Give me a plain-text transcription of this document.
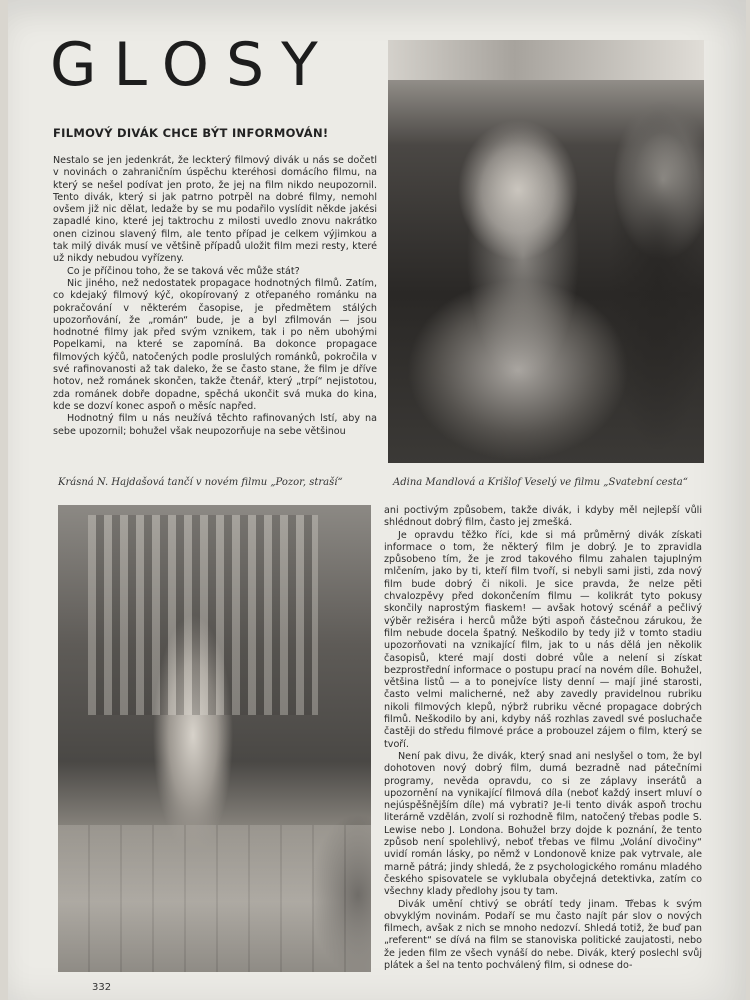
GLOSY
FILMOVÝ DIVÁK CHCE BÝT INFORMOVÁN!

Nestalo se jen jedenkrát, že leckterý filmový divák u nás se dočetl v novinách o zahraničním úspěchu kteréhosi domácího filmu, na který se nešel podívat jen proto, že jej na film nikdo neupozornil. Tento divák, který si jak patrno potrpěl na dobré filmy, nemohl ovšem již nic dělat, ledaže by se mu podařilo vyslídit někde jakési zapadlé kino, které jej taktrochu z milosti uvedlo znovu nakrátko onen cizinou slavený film, ale tento případ je celkem výjimkou a tak milý divák musí ve většině případů uložit film mezi resty, které už nikdy nebudou vyřízeny.

Co je příčinou toho, že se taková věc může stát?

Nic jiného, než nedostatek propagace hodnotných filmů. Zatím, co kdejaký filmový kýč, okopírovaný z otřepaného románku na pokračování v některém časopise, je předmětem stálých upozorňování, že „román“ bude, je a byl zfilmován — jsou hodnotné filmy jak před svým vznikem, tak i po něm ubohými Popelkami, na které se zapomíná. Ba dokonce propagace filmových kýčů, natočených podle proslulých románků, pokročila v své rafinovanosti až tak daleko, že se často stane, že film je dříve hotov, než románek skončen, takže čtenář, který „trpí“ nejistotou, zda románek dobře dopadne, spěchá ukončit svá muka do kina, kde se dozví konec aspoň o měsíc napřed.

Hodnotný film u nás neužívá těchto rafinovaných lstí, aby na sebe upozornil; bohužel však neupozorňuje na sebe většinou

Krásná N. Hajdašová tančí v novém filmu „Pozor, straší“	Adina Mandlová a Krišlof Veselý ve filmu „Svatební cesta“

ani poctivým způsobem, takže divák, i kdyby měl nejlepší vůli shlédnout dobrý film, často jej zmešká.

Je opravdu těžko říci, kde si má průměrný divák získati informace o tom, že některý film je dobrý. Je to zpravidla způsobeno tím, že je zrod takového filmu zahalen tajuplným mlčením, jako by ti, kteří film tvoří, si nebyli sami jisti, zda nový film bude dobrý či nikoli. Je sice pravda, že nelze pěti chvalozpěvy před dokončením filmu — kolikrát tyto pokusy skončily naprostým fiaskem! — avšak hotový scénář a pečlivý výběr režiséra i herců může býti aspoň částečnou zárukou, že film nebude docela špatný. Neškodilo by tedy již v tomto stadiu upozorňovati na vznikající film, jak to u nás dělá jen několik časopisů, které mají dosti dobré vůle a nelení si získat bezprostřední informace o postupu prací na novém díle. Bohužel, většina listů — a to ponejvíce listy denní — mají jiné starosti, často velmi malicherné, než aby zavedly pravidelnou rubriku nikoli filmových klepů, nýbrž rubriku věcné propagace dobrých filmů. Neškodilo by ani, kdyby náš rozhlas zavedl své posluchače častěji do středu filmové práce a probouzel zájem o film, který se tvoří.

Není pak divu, že divák, který snad ani neslyšel o tom, že byl dohotoven nový dobrý film, dumá bezradně nad pátečními programy, nevěda opravdu, co si ze záplavy inserátů a upozornění na vynikající filmová díla (neboť každý insert mluví o nejúspěšnějším díle) má vybrati? Je-li tento divák aspoň trochu literárně vzdělán, zvolí si rozhodně film, natočený třebas podle S. Lewise nebo J. Londona. Bohužel brzy dojde k poznání, že tento způsob není spolehlivý, neboť třebas ve filmu „Volání divočiny“ uvidí román lásky, po němž v Londonově knize pak vytrvale, ale marně pátrá; jindy shledá, že z psychologického románu mladého českého spisovatele se vyklubala obyčejná detektivka, zatím co všechny klady předlohy jsou ty tam.

Divák umění chtivý se obrátí tedy jinam. Třebas k svým obvyklým novinám. Podaří se mu často najít pár slov o nových filmech, avšak z nich se mnoho nedozví. Shledá totiž, že buď pan „referent“ se dívá na film se stanoviska politické zaujatosti, nebo že jeden film ze všech vynáší do nebe. Divák, který poslechl svůj plátek a šel na tento pochválený film, si odnese do-

332
